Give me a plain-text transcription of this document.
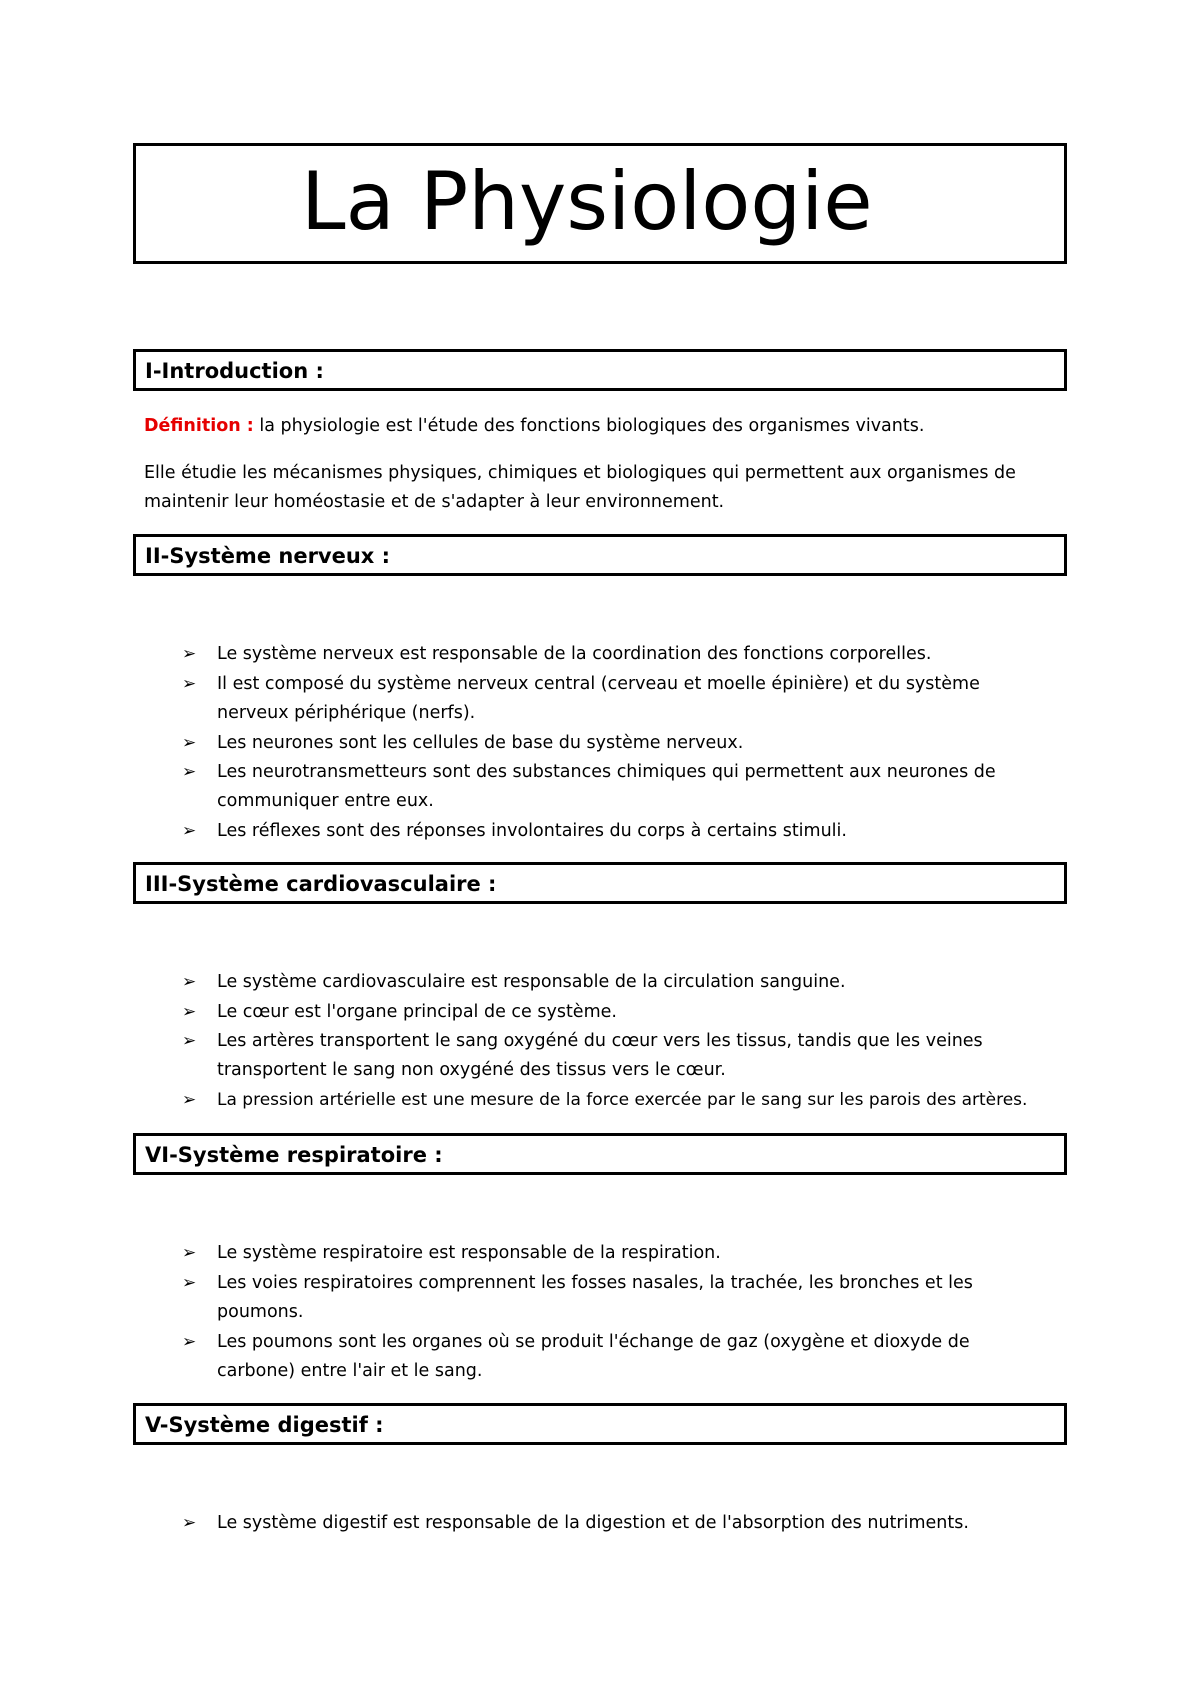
La Physiologie
I-Introduction :
Définition : la physiologie est l'étude des fonctions biologiques des organismes vivants.
Elle étudie les mécanismes physiques, chimiques et biologiques qui permettent aux organismes de
maintenir leur homéostasie et de s'adapter à leur environnement.
II-Système nerveux :
➢	Le système nerveux est responsable de la coordination des fonctions corporelles.
➢	Il est composé du système nerveux central (cerveau et moelle épinière) et du système
nerveux périphérique (nerfs).
➢	Les neurones sont les cellules de base du système nerveux.
➢	Les neurotransmetteurs sont des substances chimiques qui permettent aux neurones de
communiquer entre eux.
➢	Les réflexes sont des réponses involontaires du corps à certains stimuli.
III-Système cardiovasculaire :
➢	Le système cardiovasculaire est responsable de la circulation sanguine.
➢	Le cœur est l'organe principal de ce système.
➢	Les artères transportent le sang oxygéné du cœur vers les tissus, tandis que les veines
transportent le sang non oxygéné des tissus vers le cœur.
➢	La pression artérielle est une mesure de la force exercée par le sang sur les parois des artères.
VI-Système respiratoire :
➢	Le système respiratoire est responsable de la respiration.
➢	Les voies respiratoires comprennent les fosses nasales, la trachée, les bronches et les
poumons.
➢	Les poumons sont les organes où se produit l'échange de gaz (oxygène et dioxyde de
carbone) entre l'air et le sang.
V-Système digestif :
➢	Le système digestif est responsable de la digestion et de l'absorption des nutriments.
